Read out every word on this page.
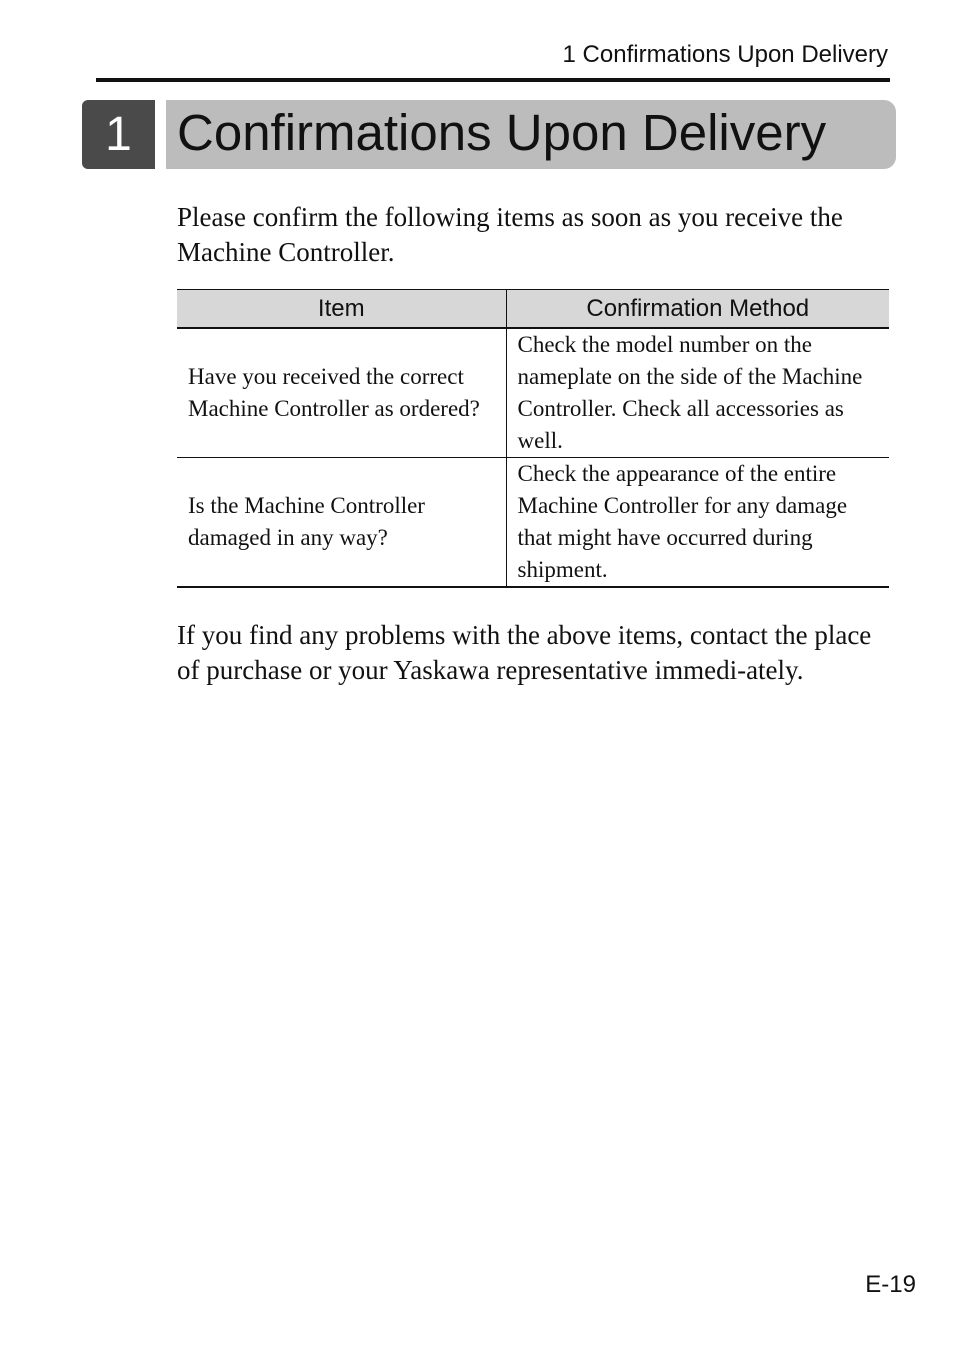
1 Confirmations Upon Delivery
1 Confirmations Upon Delivery

Please confirm the following items as soon as you receive the Machine Controller.

Item	Confirmation Method
Have you received the correct Machine Controller as ordered?	Check the model number on the nameplate on the side of the Machine Controller. Check all accessories as well.
Is the Machine Controller damaged in any way?	Check the appearance of the entire Machine Controller for any damage that might have occurred during shipment.

If you find any problems with the above items, contact the place of purchase or your Yaskawa representative immedi-ately.

E-19
